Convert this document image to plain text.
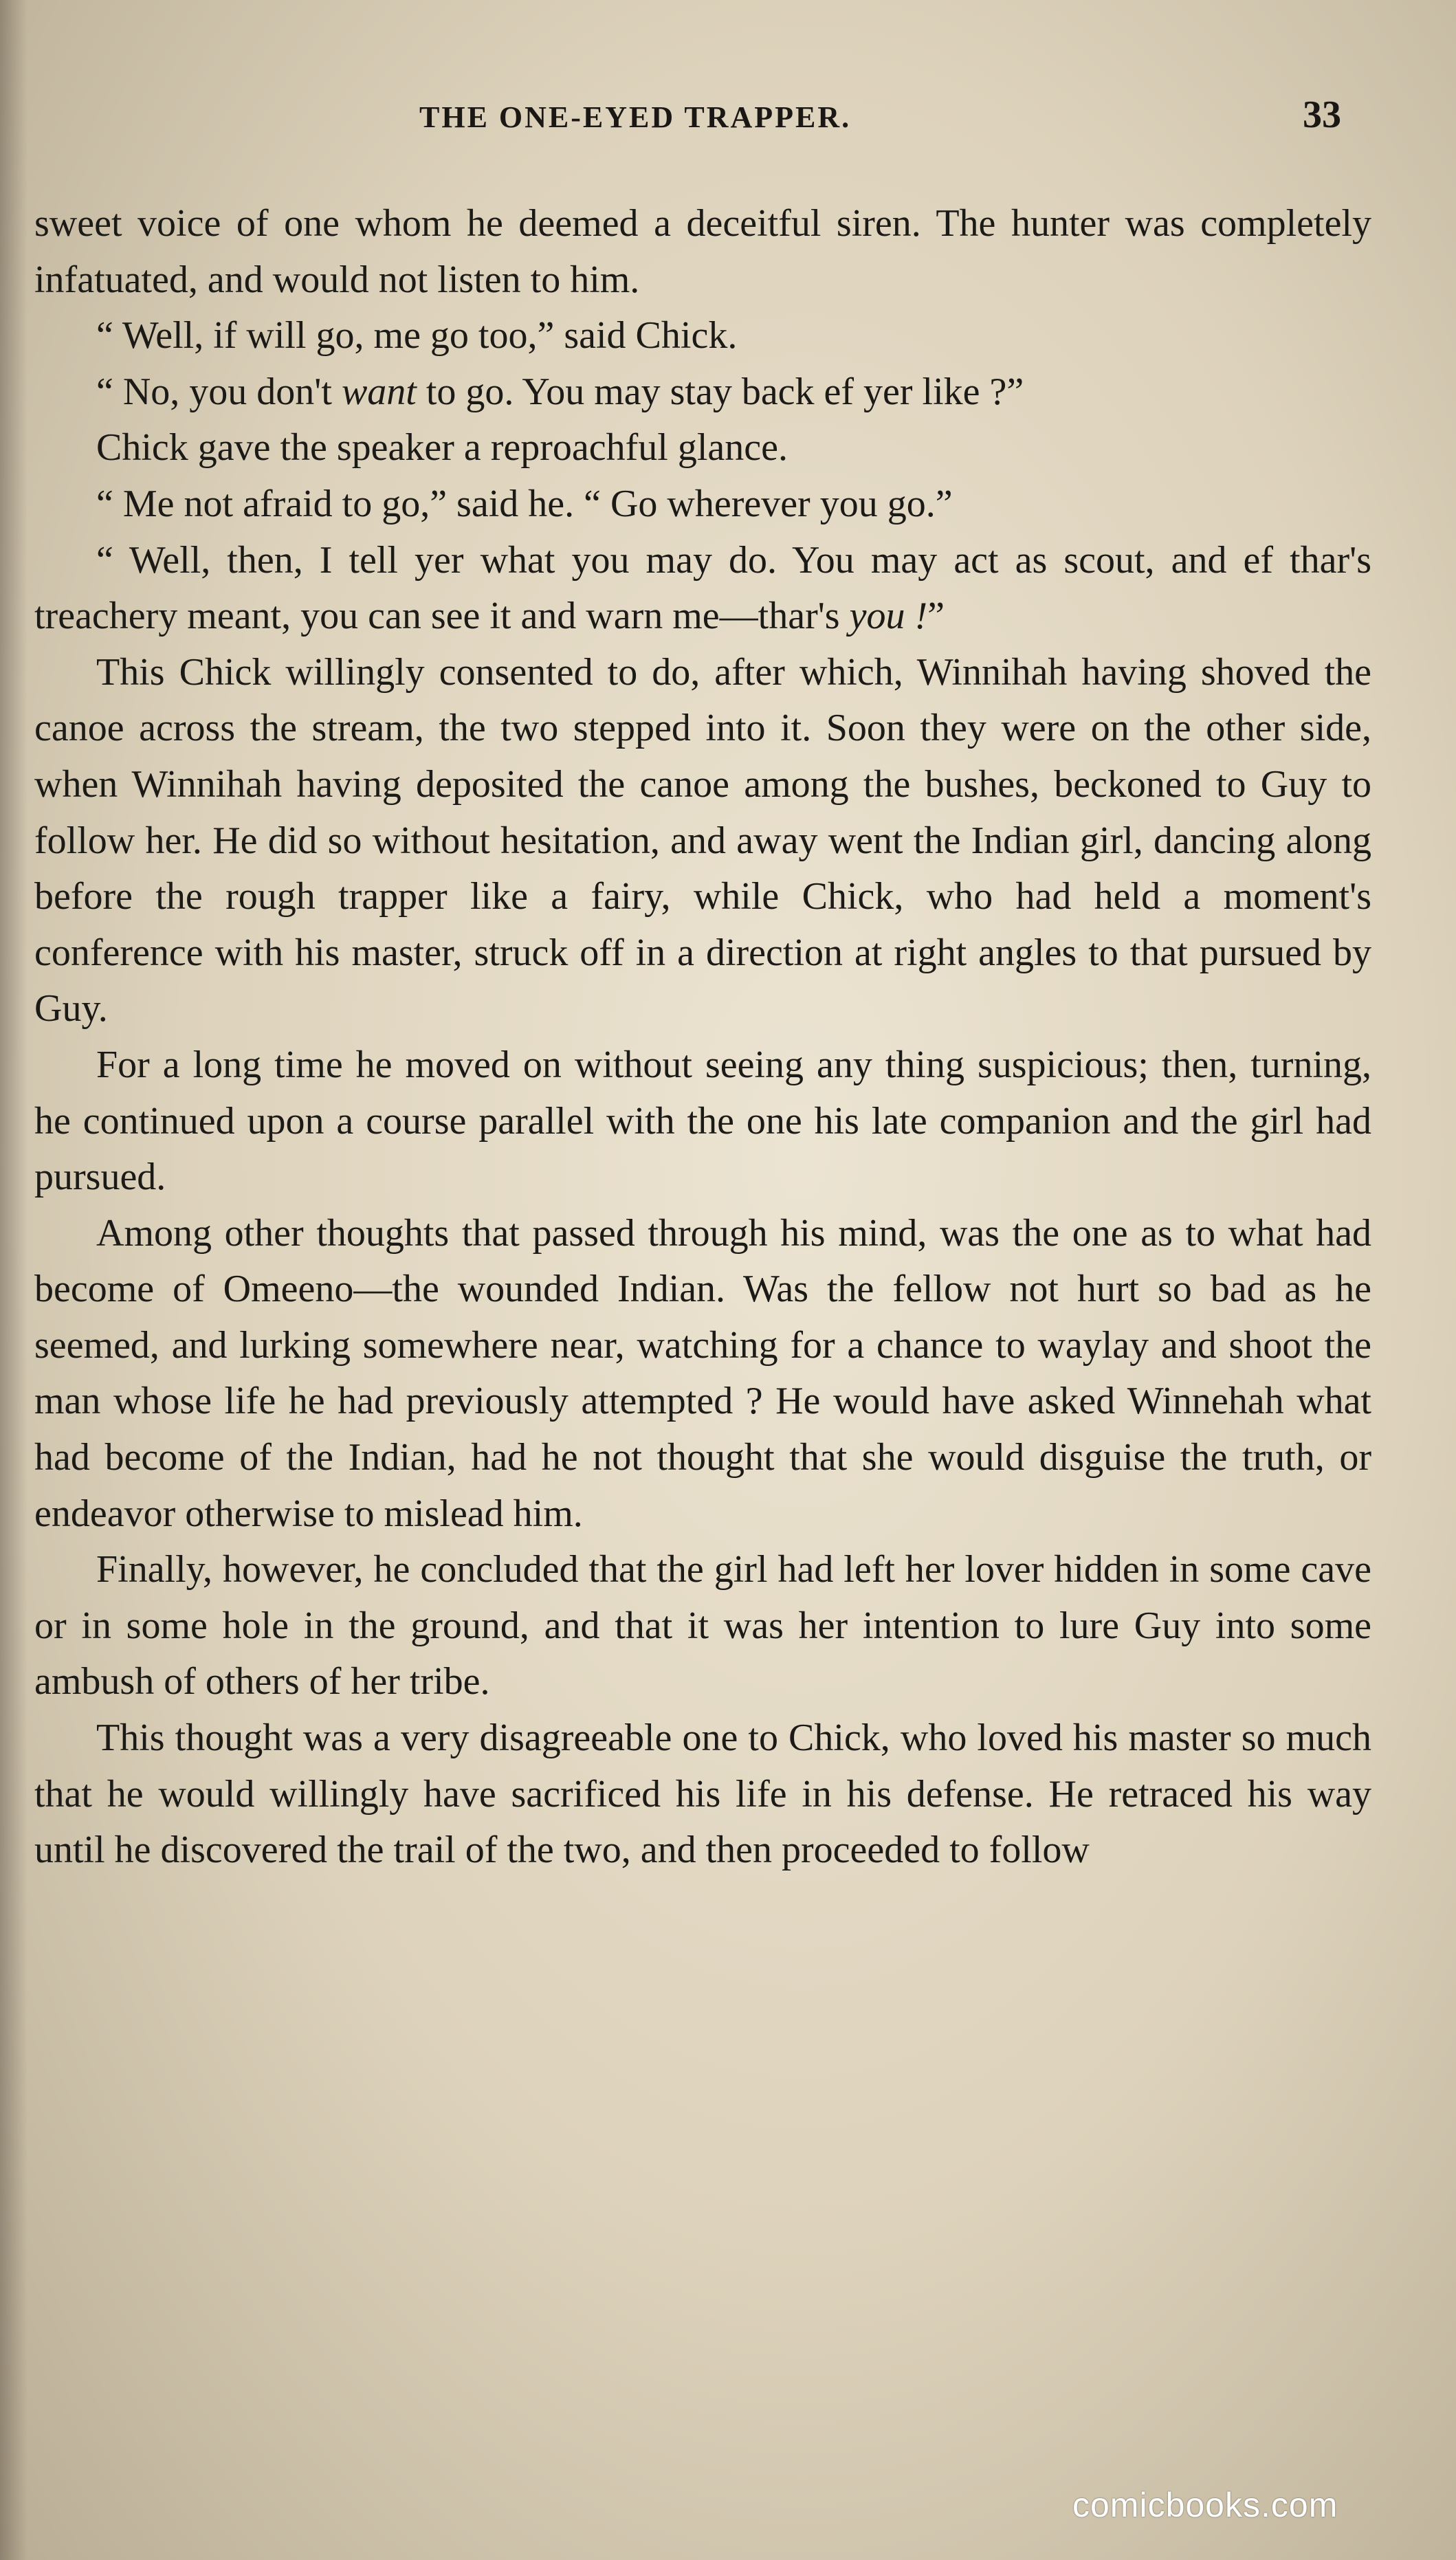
THE ONE-EYED TRAPPER.	33

sweet voice of one whom he deemed a deceitful siren. The hunter was completely infatuated, and would not listen to him.

“ Well, if will go, me go too,” said Chick.

“ No, you don't want to go. You may stay back ef yer like ?”

Chick gave the speaker a reproachful glance.

“ Me not afraid to go,” said he. “ Go wherever you go.”

“ Well, then, I tell yer what you may do. You may act as scout, and ef thar's treachery meant, you can see it and warn me—thar's you !”

This Chick willingly consented to do, after which, Winnihah having shoved the canoe across the stream, the two stepped into it. Soon they were on the other side, when Winnihah having deposited the canoe among the bushes, beckoned to Guy to follow her. He did so without hesitation, and away went the Indian girl, dancing along before the rough trapper like a fairy, while Chick, who had held a moment's conference with his master, struck off in a direction at right angles to that pursued by Guy.

For a long time he moved on without seeing any thing suspicious; then, turning, he continued upon a course parallel with the one his late companion and the girl had pursued.

Among other thoughts that passed through his mind, was the one as to what had become of Omeeno—the wounded Indian. Was the fellow not hurt so bad as he seemed, and lurking somewhere near, watching for a chance to waylay and shoot the man whose life he had previously attempted ? He would have asked Winnehah what had become of the Indian, had he not thought that she would disguise the truth, or endeavor otherwise to mislead him.

Finally, however, he concluded that the girl had left her lover hidden in some cave or in some hole in the ground, and that it was her intention to lure Guy into some ambush of others of her tribe.

This thought was a very disagreeable one to Chick, who loved his master so much that he would willingly have sacrificed his life in his defense. He retraced his way until he discovered the trail of the two, and then proceeded to follow

comicbooks.com
